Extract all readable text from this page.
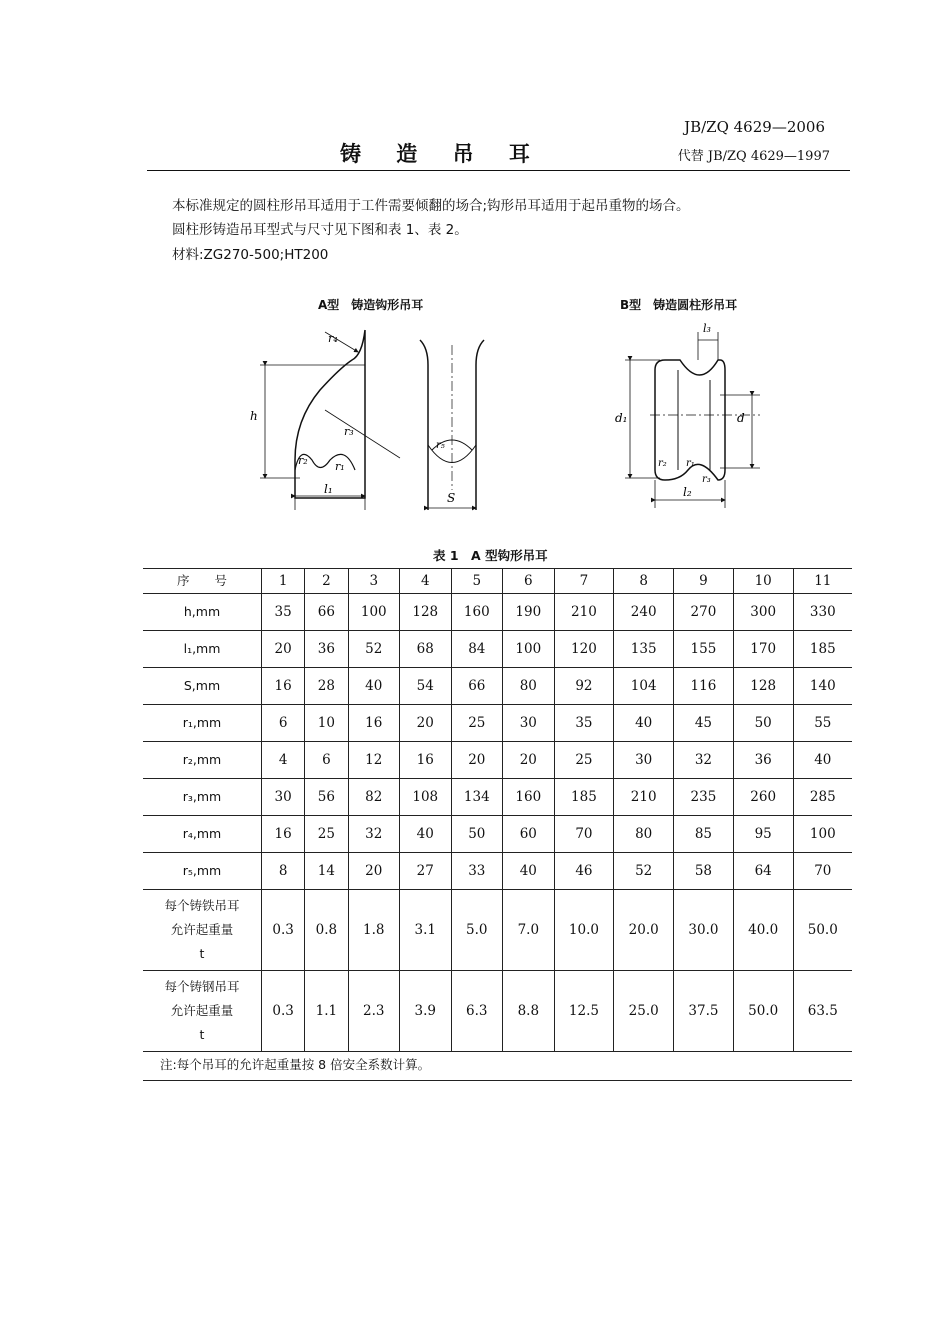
JB/ZQ 4629—2006
铸 造 吊 耳	代替 JB/ZQ 4629—1997
本标准规定的圆柱形吊耳适用于工件需要倾翻的场合;钩形吊耳适用于起吊重物的场合。
圆柱形铸造吊耳型式与尺寸见下图和表 1、表 2。
材料:ZG270-500;HT200
A型　铸造钩形吊耳	B型　铸造圆柱形吊耳
h
l₁
r₁
r₂
r₃
r₄
r₅
S
l₃
d₁	d
l₂
r₂ r₁
r₃
表 1　A 型钩形吊耳
序　　号	1	2	3	4	5	6	7	8	9	10	11
h,mm	35	66	100	128	160	190	210	240	270	300	330
l₁,mm	20	36	52	68	84	100	120	135	155	170	185
S,mm	16	28	40	54	66	80	92	104	116	128	140
r₁,mm	6	10	16	20	25	30	35	40	45	50	55
r₂,mm	4	6	12	16	20	20	25	30	32	36	40
r₃,mm	30	56	82	108	134	160	185	210	235	260	285
r₄,mm	16	25	32	40	50	60	70	80	85	95	100
r₅,mm	8	14	20	27	33	40	46	52	58	64	70

每个铸铁吊耳
允许起重量
t	0.3	0.8	1.8	3.1	5.0	7.0	10.0	20.0	30.0	40.0	50.0

每个铸钢吊耳
允许起重量
t	0.3	1.1	2.3	3.9	6.3	8.8	12.5	25.0	37.5	50.0	63.5
注:每个吊耳的允许起重量按 8 倍安全系数计算。
